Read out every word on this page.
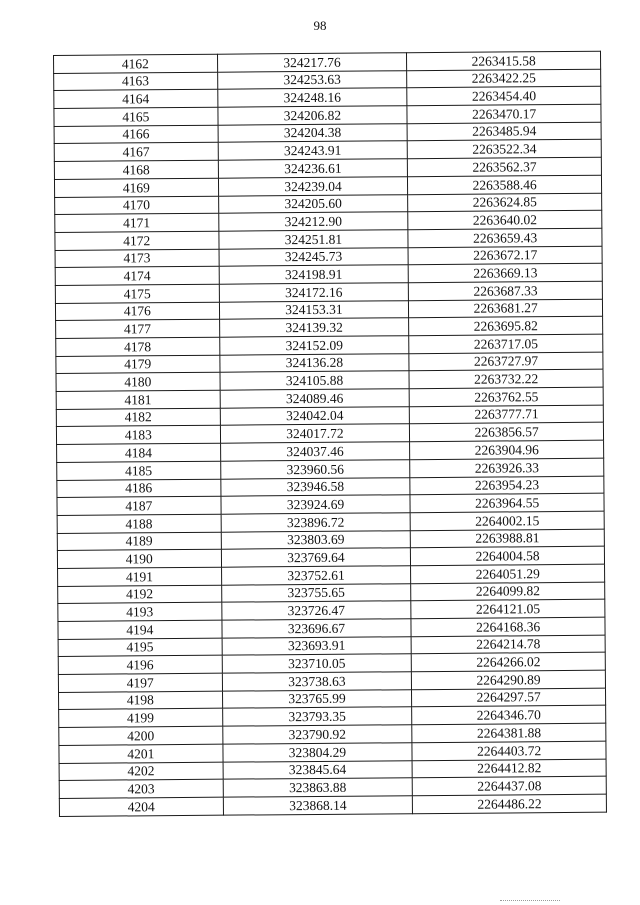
98
4162	324217.76	2263415.58
4163	324253.63	2263422.25
4164	324248.16	2263454.40
4165	324206.82	2263470.17
4166	324204.38	2263485.94
4167	324243.91	2263522.34
4168	324236.61	2263562.37
4169	324239.04	2263588.46
4170	324205.60	2263624.85
4171	324212.90	2263640.02
4172	324251.81	2263659.43
4173	324245.73	2263672.17
4174	324198.91	2263669.13
4175	324172.16	2263687.33
4176	324153.31	2263681.27
4177	324139.32	2263695.82
4178	324152.09	2263717.05
4179	324136.28	2263727.97
4180	324105.88	2263732.22
4181	324089.46	2263762.55
4182	324042.04	2263777.71
4183	324017.72	2263856.57
4184	324037.46	2263904.96
4185	323960.56	2263926.33
4186	323946.58	2263954.23
4187	323924.69	2263964.55
4188	323896.72	2264002.15
4189	323803.69	2263988.81
4190	323769.64	2264004.58
4191	323752.61	2264051.29
4192	323755.65	2264099.82
4193	323726.47	2264121.05
4194	323696.67	2264168.36
4195	323693.91	2264214.78
4196	323710.05	2264266.02
4197	323738.63	2264290.89
4198	323765.99	2264297.57
4199	323793.35	2264346.70
4200	323790.92	2264381.88
4201	323804.29	2264403.72
4202	323845.64	2264412.82
4203	323863.88	2264437.08
4204	323868.14	2264486.22
